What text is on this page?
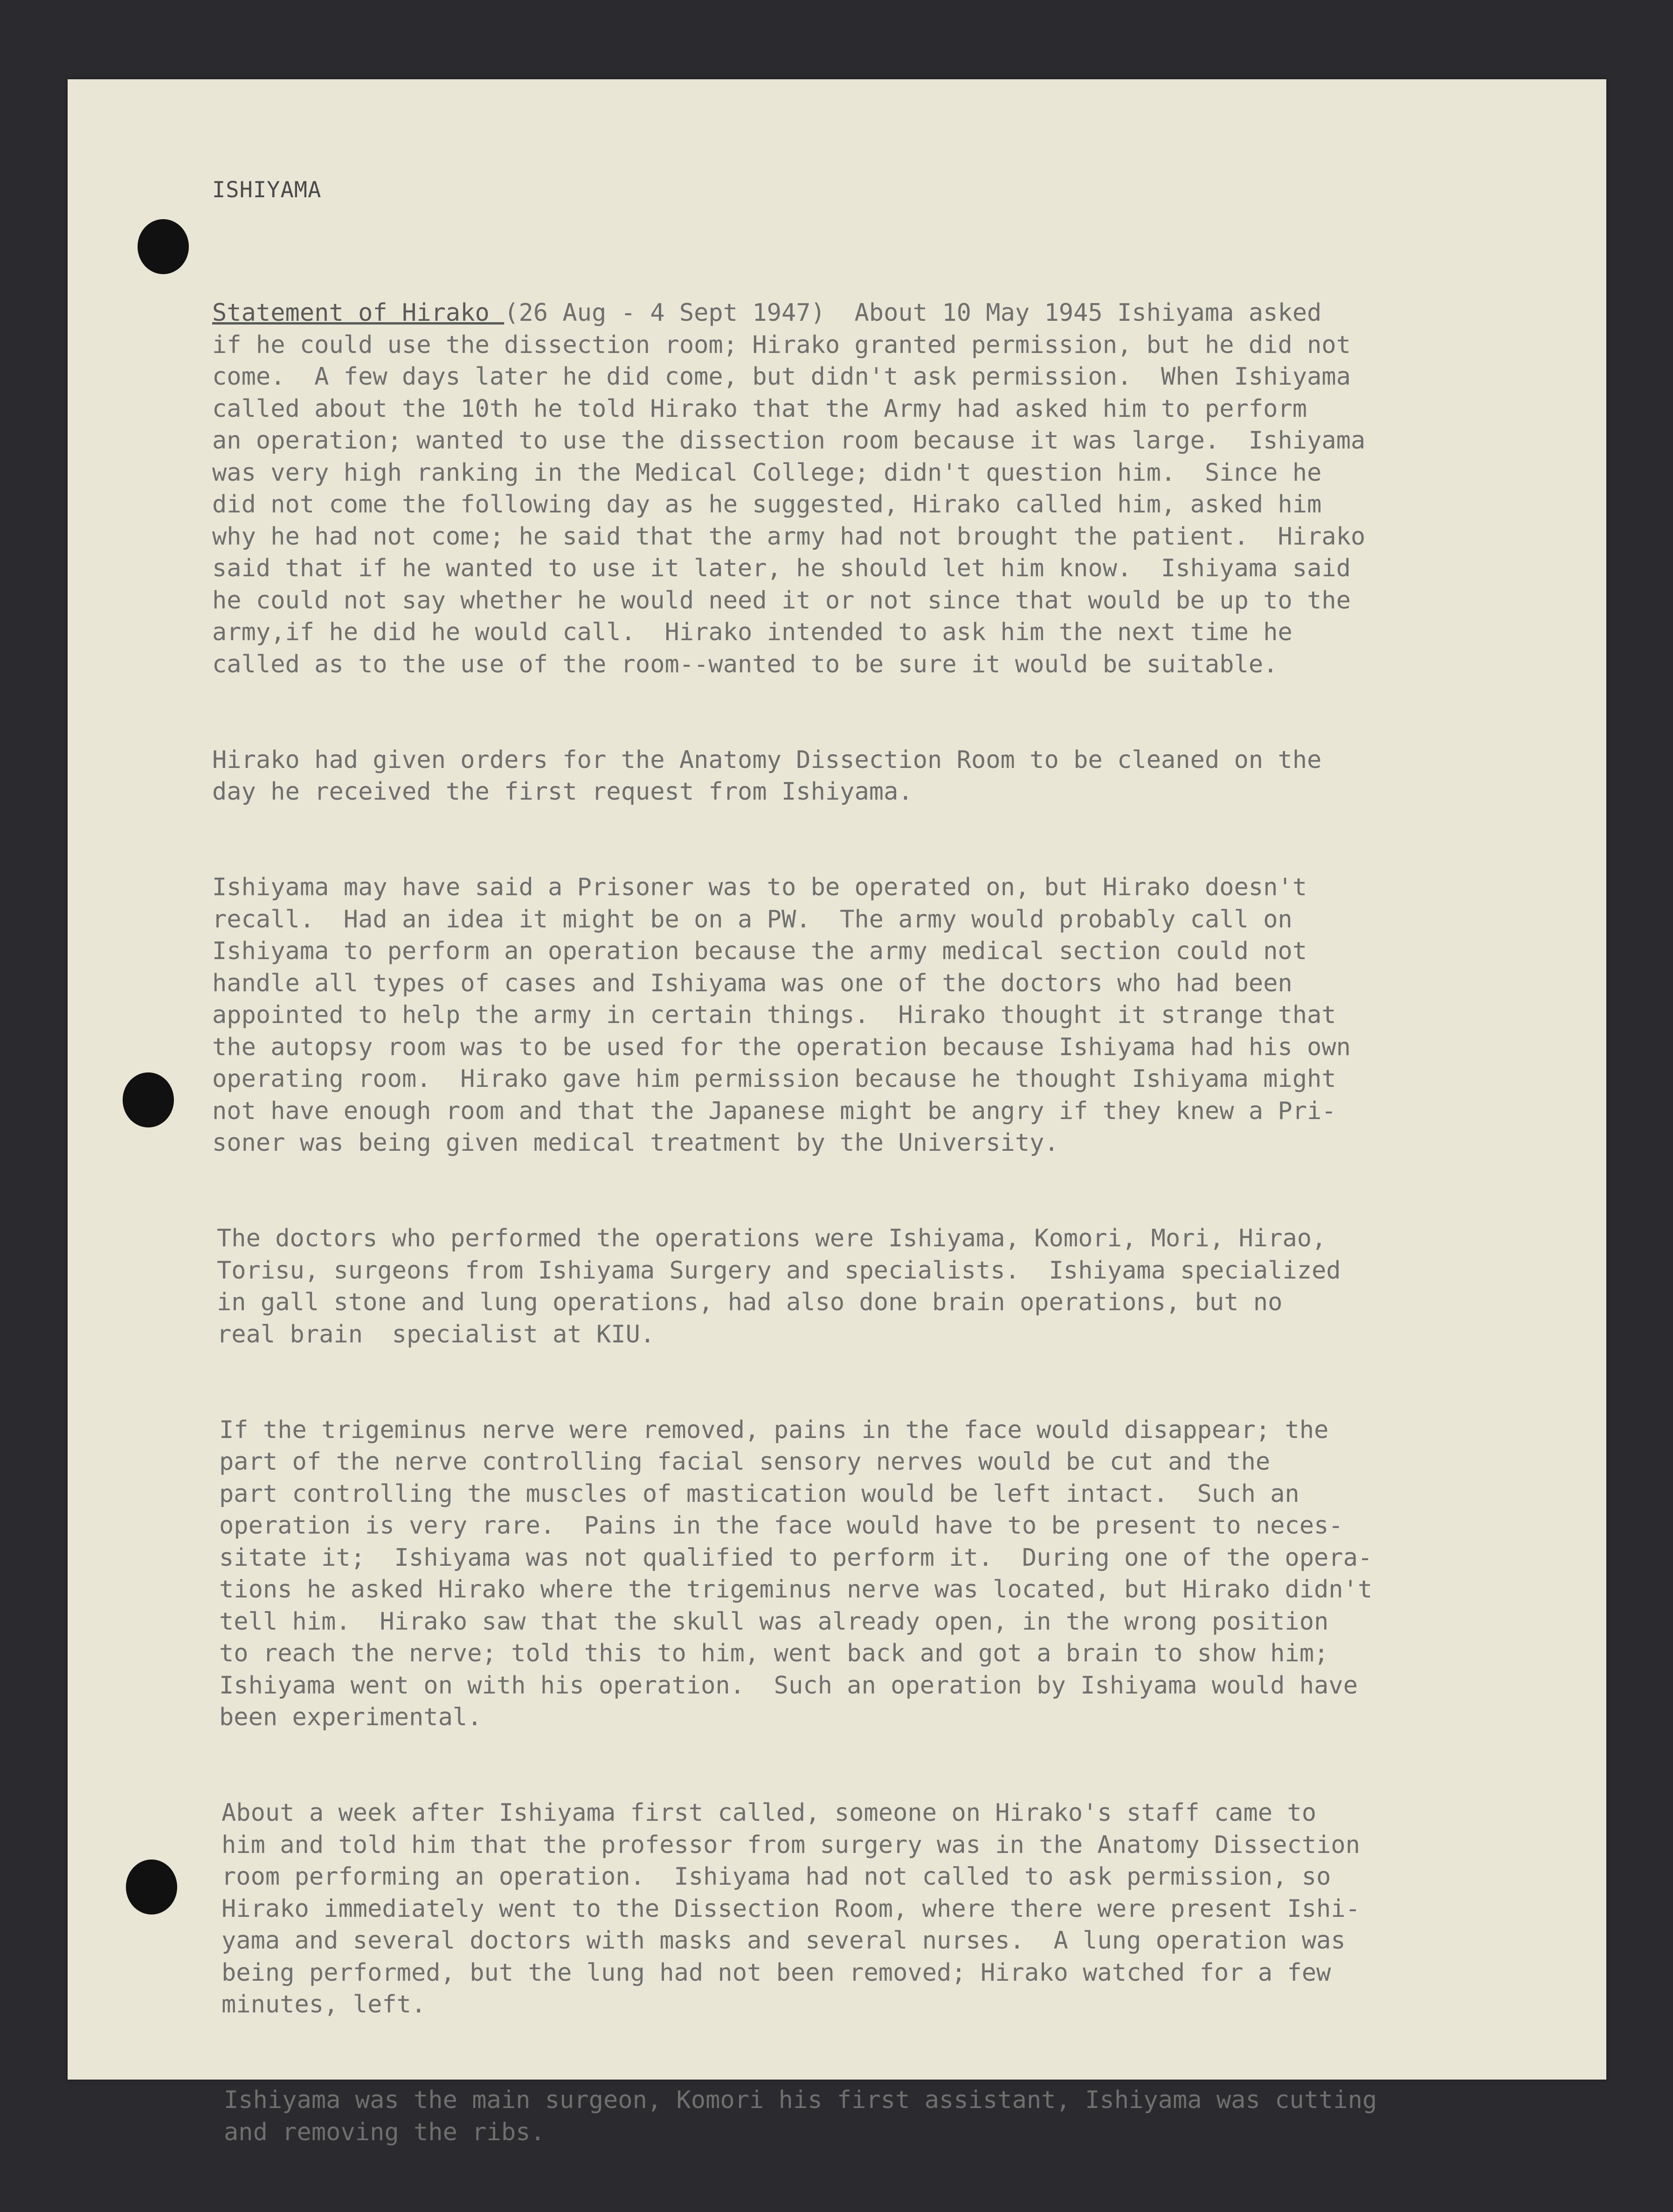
ISHIYAMA

Statement of Hirako (26 Aug - 4 Sept 1947)  About 10 May 1945 Ishiyama asked
if he could use the dissection room; Hirako granted permission, but he did not
come.  A few days later he did come, but didn't ask permission.  When Ishiyama
called about the 10th he told Hirako that the Army had asked him to perform
an operation; wanted to use the dissection room because it was large.  Ishiyama
was very high ranking in the Medical College; didn't question him.  Since he
did not come the following day as he suggested, Hirako called him, asked him
why he had not come; he said that the army had not brought the patient.  Hirako
said that if he wanted to use it later, he should let him know.  Ishiyama said
he could not say whether he would need it or not since that would be up to the
army,if he did he would call.  Hirako intended to ask him the next time he
called as to the use of the room--wanted to be sure it would be suitable.

Hirako had given orders for the Anatomy Dissection Room to be cleaned on the
day he received the first request from Ishiyama.

Ishiyama may have said a Prisoner was to be operated on, but Hirako doesn't
recall.  Had an idea it might be on a PW.  The army would probably call on
Ishiyama to perform an operation because the army medical section could not
handle all types of cases and Ishiyama was one of the doctors who had been
appointed to help the army in certain things.  Hirako thought it strange that
the autopsy room was to be used for the operation because Ishiyama had his own
operating room.  Hirako gave him permission because he thought Ishiyama might
not have enough room and that the Japanese might be angry if they knew a Pri-
soner was being given medical treatment by the University.

The doctors who performed the operations were Ishiyama, Komori, Mori, Hirao,
Torisu, surgeons from Ishiyama Surgery and specialists.  Ishiyama specialized
in gall stone and lung operations, had also done brain operations, but no
real brain  specialist at KIU.

If the trigeminus nerve were removed, pains in the face would disappear; the
part of the nerve controlling facial sensory nerves would be cut and the
part controlling the muscles of mastication would be left intact.  Such an
operation is very rare.  Pains in the face would have to be present to neces-
sitate it;  Ishiyama was not qualified to perform it.  During one of the opera-
tions he asked Hirako where the trigeminus nerve was located, but Hirako didn't
tell him.  Hirako saw that the skull was already open, in the wrong position
to reach the nerve; told this to him, went back and got a brain to show him;
Ishiyama went on with his operation.  Such an operation by Ishiyama would have
been experimental.

About a week after Ishiyama first called, someone on Hirako's staff came to
him and told him that the professor from surgery was in the Anatomy Dissection
room performing an operation.  Ishiyama had not called to ask permission, so
Hirako immediately went to the Dissection Room, where there were present Ishi-
yama and several doctors with masks and several nurses.  A lung operation was
being performed, but the lung had not been removed; Hirako watched for a few
minutes, left.

Ishiyama was the main surgeon, Komori his first assistant, Ishiyama was cutting
and removing the ribs.
